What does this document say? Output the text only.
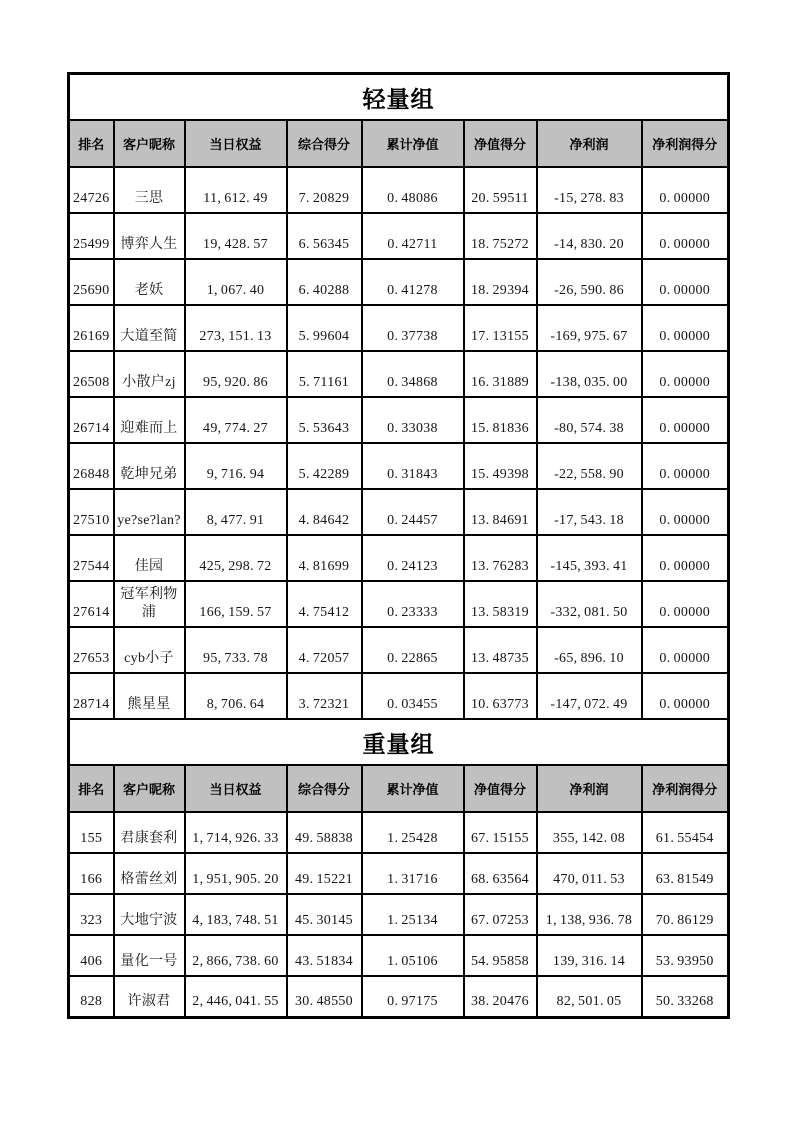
轻量组							
排名	客户昵称	当日权益	综合得分	累计净值	净值得分	净利润	净利润得分
24726	三思	11, 612. 49	7. 20829	0. 48086	20. 59511	-15, 278. 83	0. 00000
25499	博弈人生	19, 428. 57	6. 56345	0. 42711	18. 75272	-14, 830. 20	0. 00000
25690	老妖	1, 067. 40	6. 40288	0. 41278	18. 29394	-26, 590. 86	0. 00000
26169	大道至简	273, 151. 13	5. 99604	0. 37738	17. 13155	-169, 975. 67	0. 00000
26508	小散户zj	95, 920. 86	5. 71161	0. 34868	16. 31889	-138, 035. 00	0. 00000
26714	迎难而上	49, 774. 27	5. 53643	0. 33038	15. 81836	-80, 574. 38	0. 00000
26848	乾坤兄弟	9, 716. 94	5. 42289	0. 31843	15. 49398	-22, 558. 90	0. 00000
27510	ye?se?lan?	8, 477. 91	4. 84642	0. 24457	13. 84691	-17, 543. 18	0. 00000
27544	佳园	425, 298. 72	4. 81699	0. 24123	13. 76283	-145, 393. 41	0. 00000
27614	冠军利物浦	166, 159. 57	4. 75412	0. 23333	13. 58319	-332, 081. 50	0. 00000
27653	cyb小子	95, 733. 78	4. 72057	0. 22865	13. 48735	-65, 896. 10	0. 00000
28714	熊星星	8, 706. 64	3. 72321	0. 03455	10. 63773	-147, 072. 49	0. 00000
重量组							
排名	客户昵称	当日权益	综合得分	累计净值	净值得分	净利润	净利润得分
155	君康套利	1, 714, 926. 33	49. 58838	1. 25428	67. 15155	355, 142. 08	61. 55454
166	格蕾丝刘	1, 951, 905. 20	49. 15221	1. 31716	68. 63564	470, 011. 53	63. 81549
323	大地宁波	4, 183, 748. 51	45. 30145	1. 25134	67. 07253	1, 138, 936. 78	70. 86129
406	量化一号	2, 866, 738. 60	43. 51834	1. 05106	54. 95858	139, 316. 14	53. 93950
828	许淑君	2, 446, 041. 55	30. 48550	0. 97175	38. 20476	82, 501. 05	50. 33268
